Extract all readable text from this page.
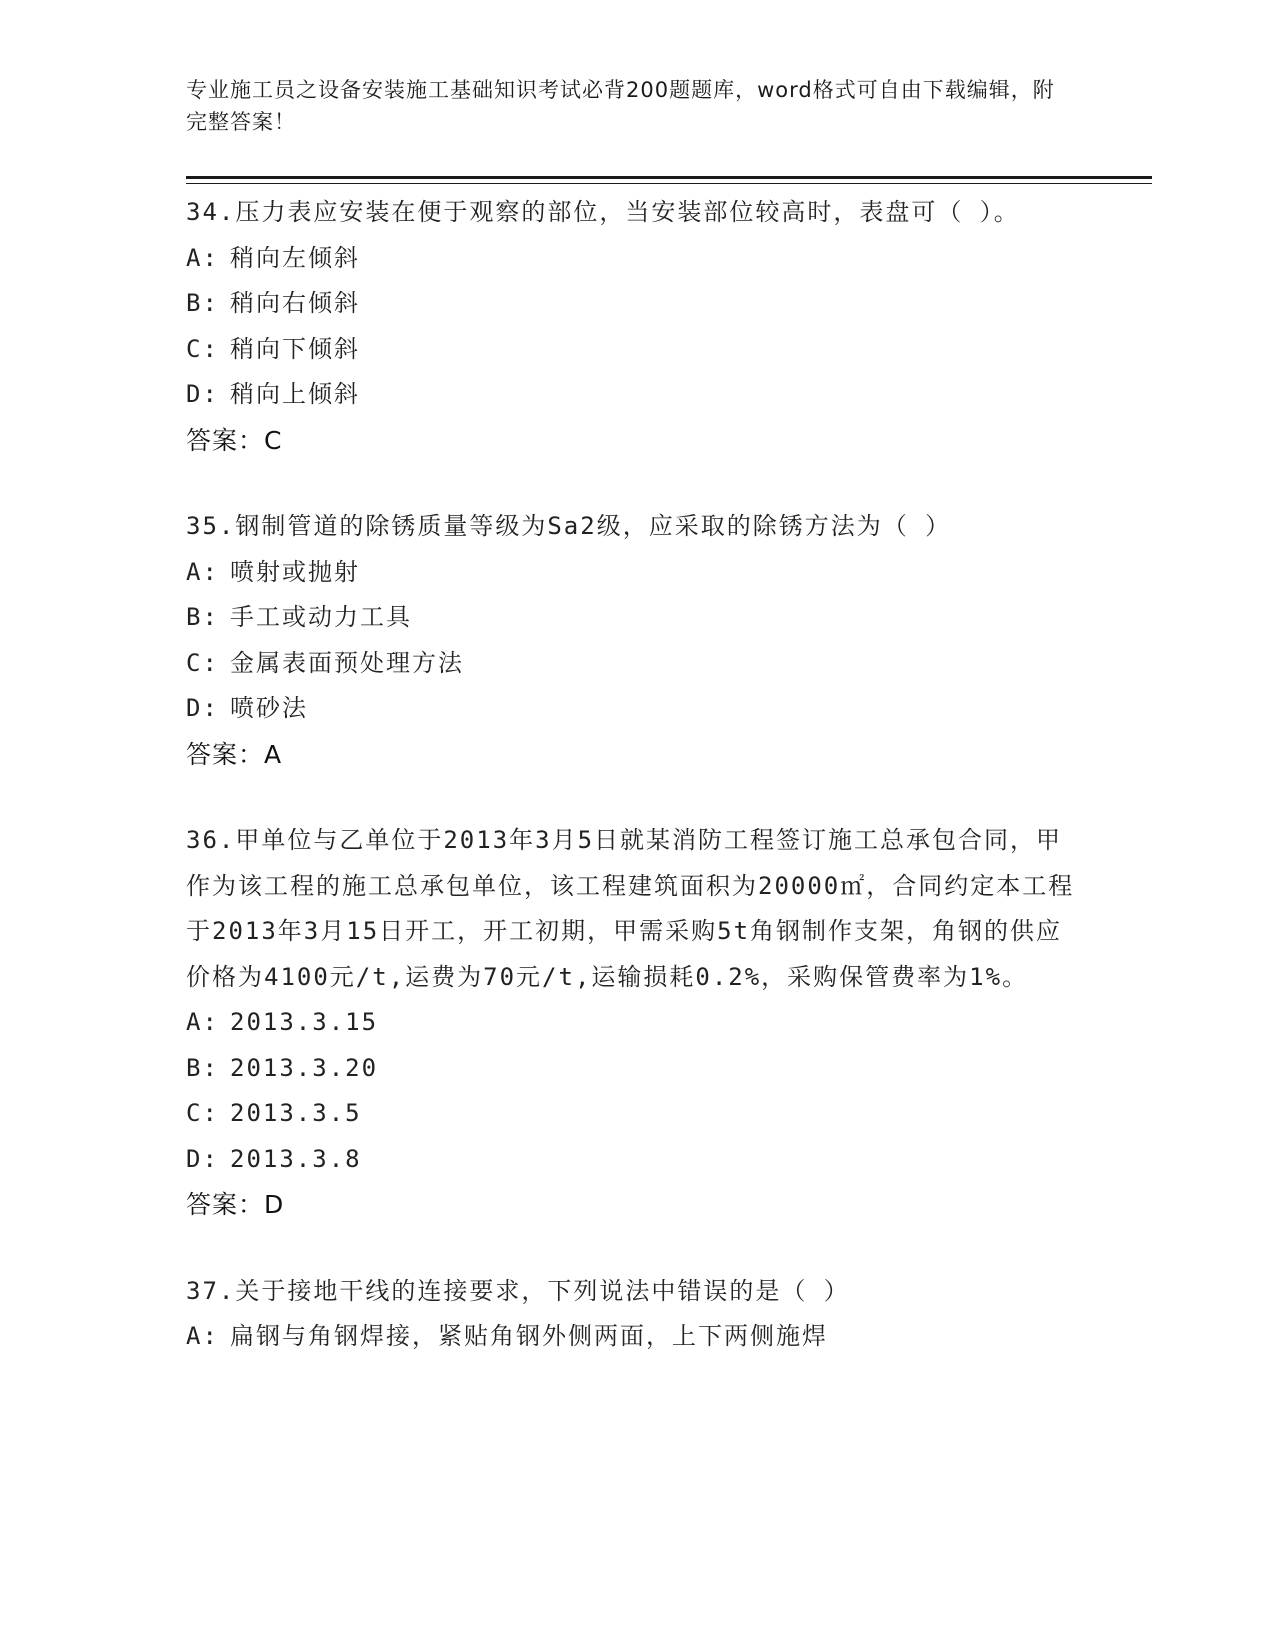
专业施工员之设备安装施工基础知识考试必背200题题库，word格式可自由下载编辑，附完整答案！
34.压力表应安装在便于观察的部位，当安装部位较高时，表盘可（ ）。
A: 稍向左倾斜
B: 稍向右倾斜
C: 稍向下倾斜
D: 稍向上倾斜
答案：C
35.钢制管道的除锈质量等级为Sa2级，应采取的除锈方法为（ ）
A: 喷射或抛射
B: 手工或动力工具
C: 金属表面预处理方法
D: 喷砂法
答案：A
36.甲单位与乙单位于2013年3月5日就某消防工程签订施工总承包合同，甲作为该工程的施工总承包单位，该工程建筑面积为20000㎡，合同约定本工程于2013年3月15日开工，开工初期，甲需采购5t角钢制作支架，角钢的供应价格为4100元/t,运费为70元/t,运输损耗0.2%，采购保管费率为1%。
A: 2013.3.15
B: 2013.3.20
C: 2013.3.5
D: 2013.3.8
答案：D
37.关于接地干线的连接要求，下列说法中错误的是（ ）
A: 扁钢与角钢焊接，紧贴角钢外侧两面，上下两侧施焊
